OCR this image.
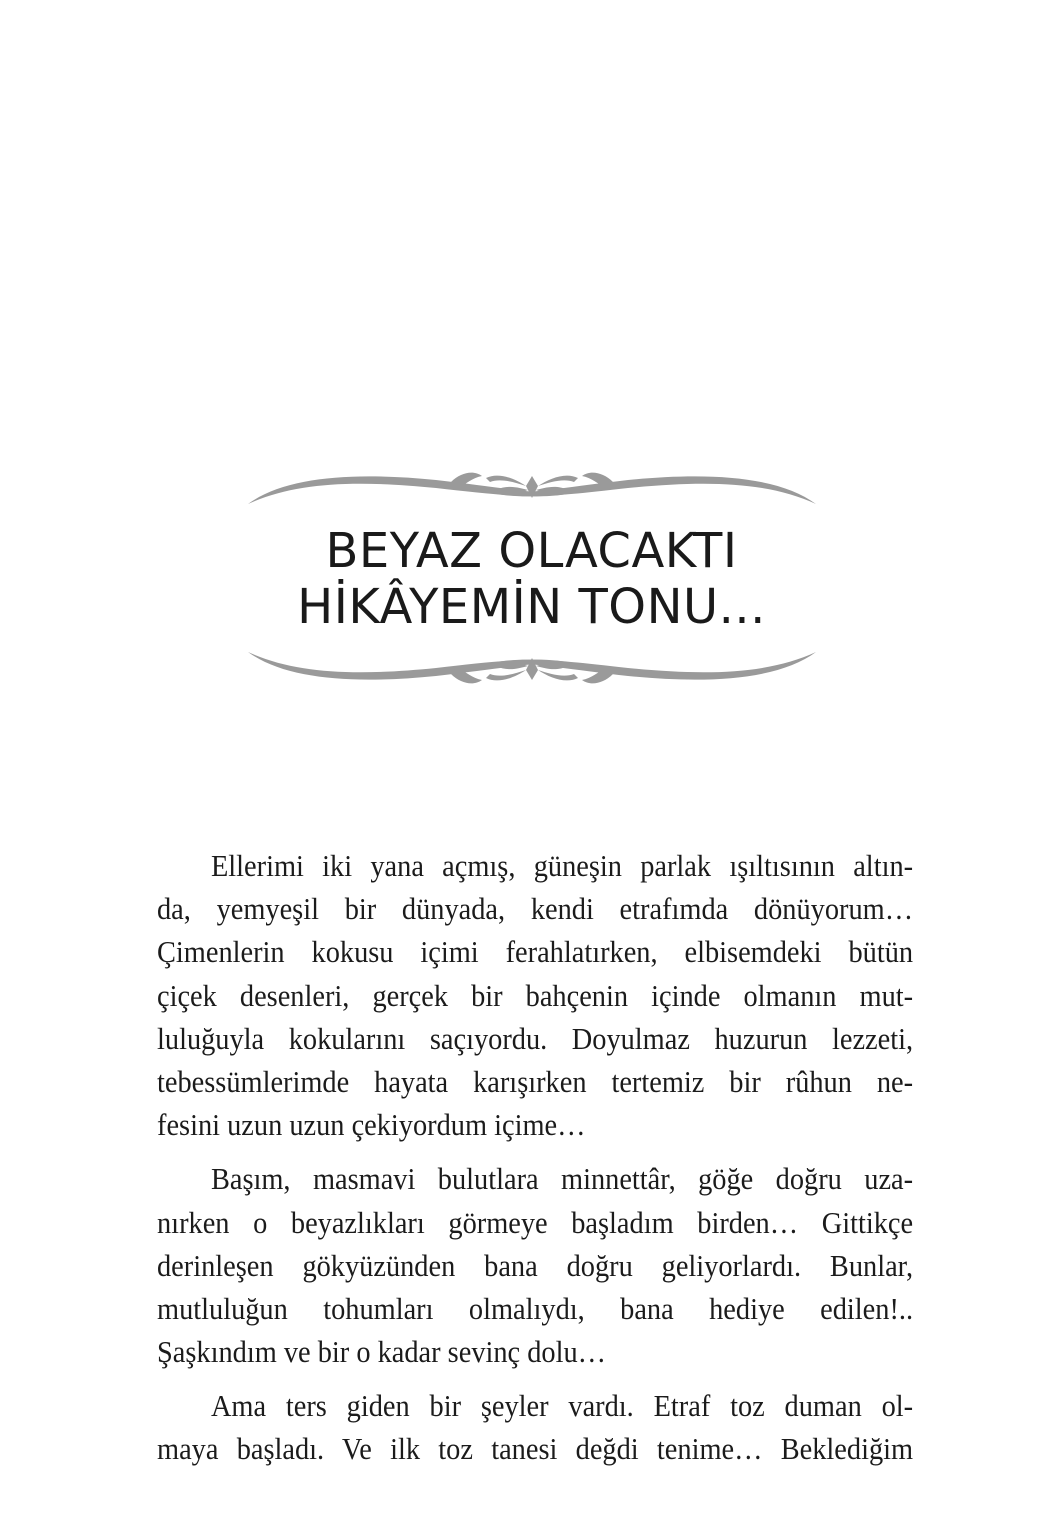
BEYAZ OLACAKTI
HİKÂYEMİN TONU...
Ellerimi iki yana açmış, güneşin parlak ışıltısının altın-
da, yemyeşil bir dünyada, kendi etrafımda dönüyorum…
Çimenlerin kokusu içimi ferahlatırken, elbisemdeki bütün
çiçek desenleri, gerçek bir bahçenin içinde olmanın mut-
luluğuyla kokularını saçıyordu. Doyulmaz huzurun lezzeti,
tebessümlerimde hayata karışırken tertemiz bir rûhun ne-
fesini uzun uzun çekiyordum içime…
Başım, masmavi bulutlara minnettâr, göğe doğru uza-
nırken o beyazlıkları görmeye başladım birden… Gittikçe
derinleşen gökyüzünden bana doğru geliyorlardı. Bunlar,
mutluluğun tohumları olmalıydı, bana hediye edilen!..
Şaşkındım ve bir o kadar sevinç dolu…
Ama ters giden bir şeyler vardı. Etraf toz duman ol-
maya başladı. Ve ilk toz tanesi değdi tenime… Beklediğim
